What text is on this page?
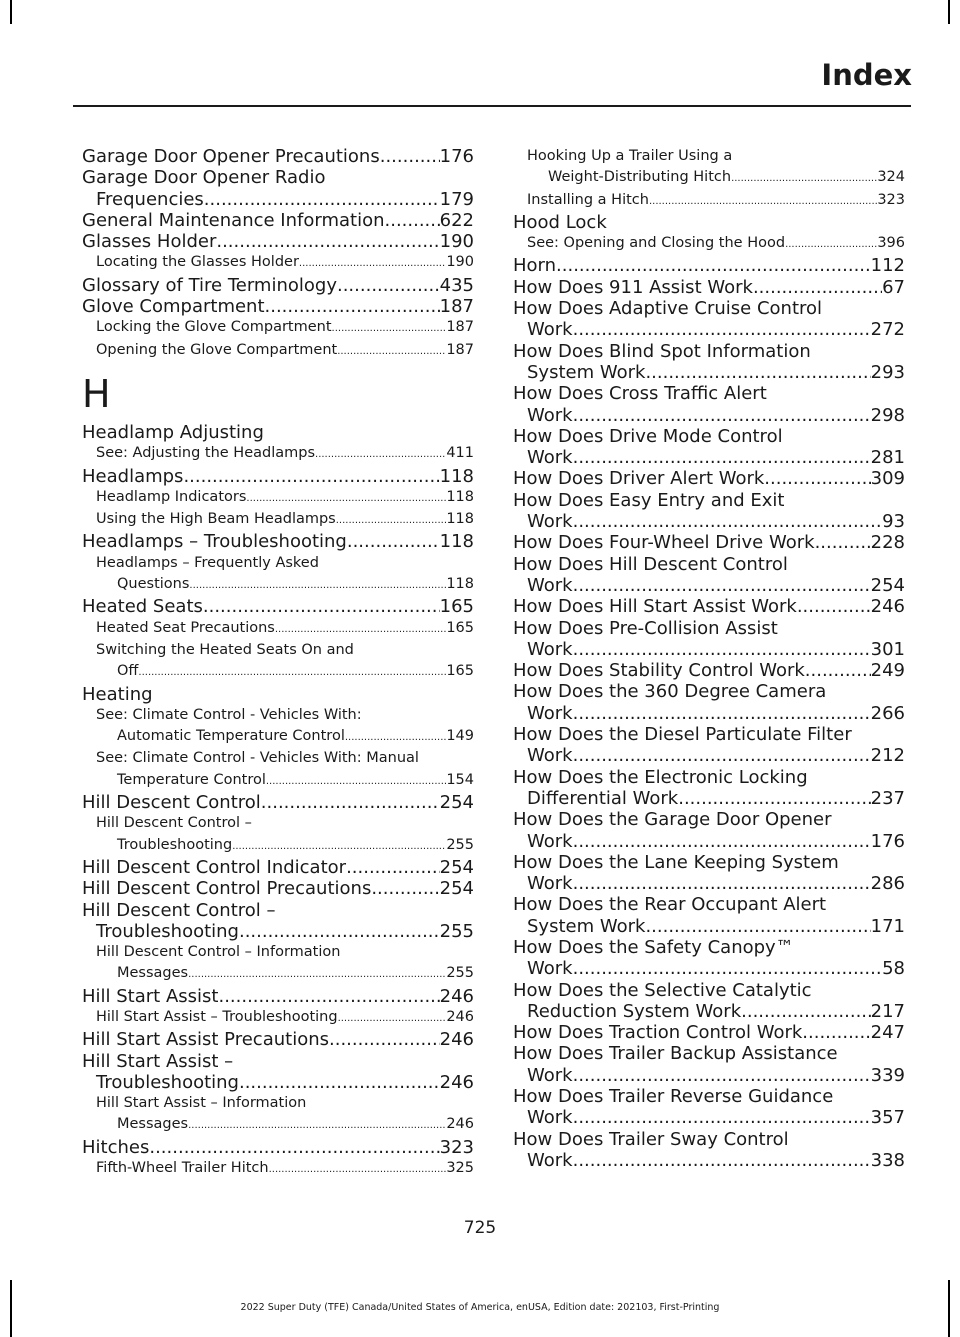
Index
Garage Door Opener Precautions .....	176
Garage Door Opener Radio
Frequencies .....	179
General Maintenance Information .....	622
Glasses Holder .....	190
Locating the Glasses Holder .....	190
Glossary of Tire Terminology .....	435
Glove Compartment .....	187
Locking the Glove Compartment .....	187
Opening the Glove Compartment .....	187
H
Headlamp Adjusting
See: Adjusting the Headlamps .....	411
Headlamps .....	118
Headlamp Indicators .....	118
Using the High Beam Headlamps .....	118
Headlamps – Troubleshooting .....	118
Headlamps – Frequently Asked
Questions .....	118
Heated Seats .....	165
Heated Seat Precautions .....	165
Switching the Heated Seats On and
Off .....	165
Heating
See: Climate Control - Vehicles With:
Automatic Temperature Control .....	149
See: Climate Control - Vehicles With: Manual
Temperature Control .....	154
Hill Descent Control .....	254
Hill Descent Control –
Troubleshooting .....	255
Hill Descent Control Indicator .....	254
Hill Descent Control Precautions .....	254
Hill Descent Control –
Troubleshooting .....	255
Hill Descent Control – Information
Messages .....	255
Hill Start Assist .....	246
Hill Start Assist – Troubleshooting .....	246
Hill Start Assist Precautions .....	246
Hill Start Assist –
Troubleshooting .....	246
Hill Start Assist – Information
Messages .....	246
Hitches .....	323
Fifth-Wheel Trailer Hitch .....	325
Hooking Up a Trailer Using a
Weight-Distributing Hitch .....	324
Installing a Hitch .....	323
Hood Lock
See: Opening and Closing the Hood .....	396
Horn .....	112
How Does 911 Assist Work .....	67
How Does Adaptive Cruise Control
Work .....	272
How Does Blind Spot Information
System Work .....	293
How Does Cross Traffic Alert
Work .....	298
How Does Drive Mode Control
Work .....	281
How Does Driver Alert Work .....	309
How Does Easy Entry and Exit
Work .....	93
How Does Four-Wheel Drive Work .....	228
How Does Hill Descent Control
Work .....	254
How Does Hill Start Assist Work .....	246
How Does Pre-Collision Assist
Work .....	301
How Does Stability Control Work .....	249
How Does the 360 Degree Camera
Work .....	266
How Does the Diesel Particulate Filter
Work .....	212
How Does the Electronic Locking
Differential Work .....	237
How Does the Garage Door Opener
Work .....	176
How Does the Lane Keeping System
Work .....	286
How Does the Rear Occupant Alert
System Work .....	171
How Does the Safety Canopy™
Work .....	58
How Does the Selective Catalytic
Reduction System Work .....	217
How Does Traction Control Work .....	247
How Does Trailer Backup Assistance
Work .....	339
How Does Trailer Reverse Guidance
Work .....	357
How Does Trailer Sway Control
Work .....	338
725
2022 Super Duty (TFE) Canada/United States of America, enUSA, Edition date: 202103, First-Printing
